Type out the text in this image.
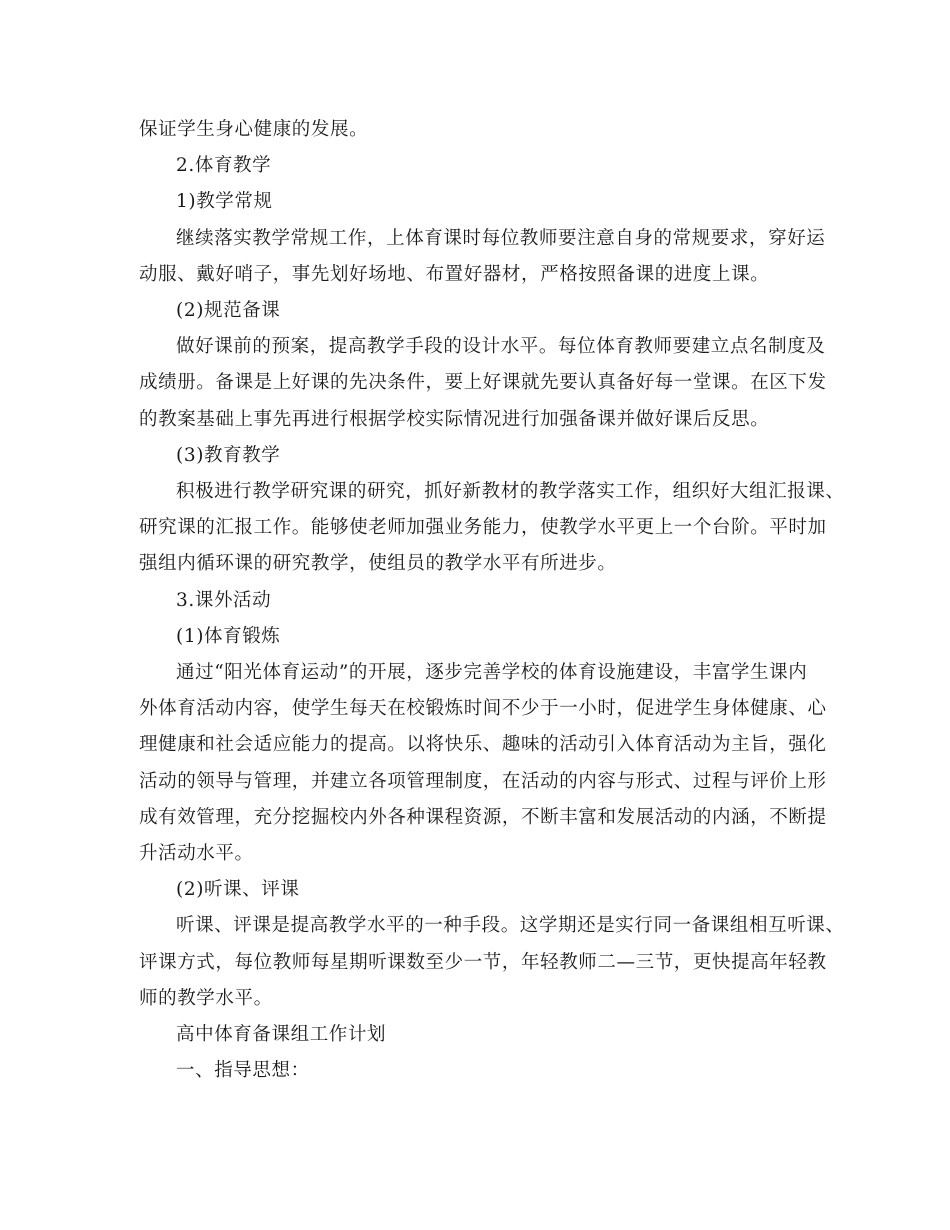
保证学生身心健康的发展。
2.体育教学
1)教学常规
继续落实教学常规工作，上体育课时每位教师要注意自身的常规要求，穿好运
动服、戴好哨子，事先划好场地、布置好器材，严格按照备课的进度上课。
(2)规范备课
做好课前的预案，提高教学手段的设计水平。每位体育教师要建立点名制度及
成绩册。备课是上好课的先决条件，要上好课就先要认真备好每一堂课。在区下发
的教案基础上事先再进行根据学校实际情况进行加强备课并做好课后反思。
(3)教育教学
积极进行教学研究课的研究，抓好新教材的教学落实工作，组织好大组汇报课、
研究课的汇报工作。能够使老师加强业务能力，使教学水平更上一个台阶。平时加
强组内循环课的研究教学，使组员的教学水平有所进步。
3.课外活动
(1)体育锻炼
通过“阳光体育运动”的开展，逐步完善学校的体育设施建设，丰富学生课内
外体育活动内容，使学生每天在校锻炼时间不少于一小时，促进学生身体健康、心
理健康和社会适应能力的提高。以将快乐、趣味的活动引入体育活动为主旨，强化
活动的领导与管理，并建立各项管理制度，在活动的内容与形式、过程与评价上形
成有效管理，充分挖掘校内外各种课程资源，不断丰富和发展活动的内涵，不断提
升活动水平。
(2)听课、评课
听课、评课是提高教学水平的一种手段。这学期还是实行同一备课组相互听课、
评课方式，每位教师每星期听课数至少一节，年轻教师二—三节，更快提高年轻教
师的教学水平。
高中体育备课组工作计划
一、指导思想：
